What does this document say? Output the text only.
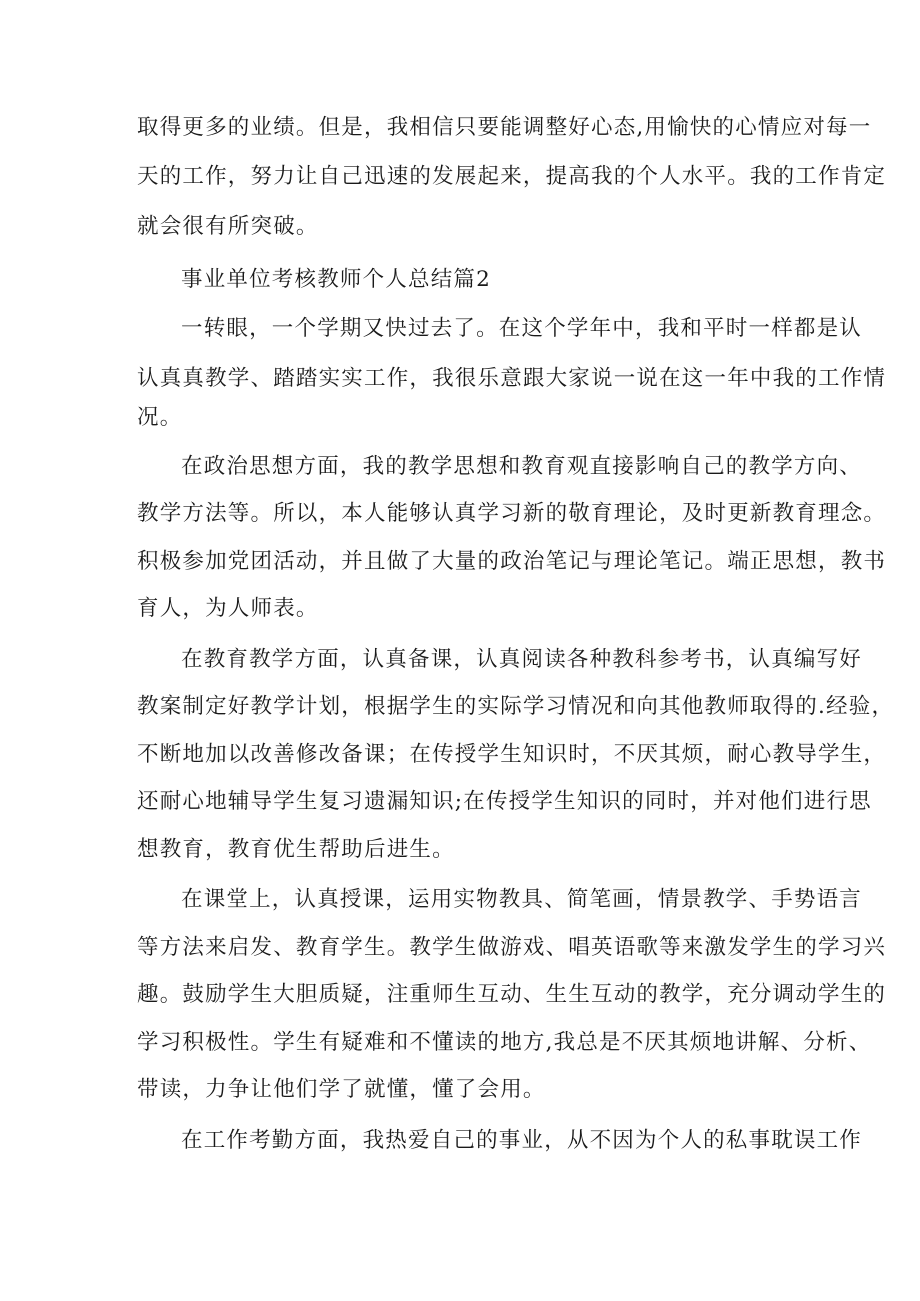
取得更多的业绩。但是，我相信只要能调整好心态,用愉快的心情应对每一
天的工作，努力让自己迅速的发展起来，提高我的个人水平。我的工作肯定
就会很有所突破。
事业单位考核教师个人总结篇2
一转眼，一个学期又快过去了。在这个学年中，我和平时一样都是认
认真真教学、踏踏实实工作，我很乐意跟大家说一说在这一年中我的工作情
况。
在政治思想方面，我的教学思想和教育观直接影响自己的教学方向、
教学方法等。所以，本人能够认真学习新的敬育理论，及时更新教育理念。
积极参加党团活动，并且做了大量的政治笔记与理论笔记。端正思想，教书
育人，为人师表。
在教育教学方面，认真备课，认真阅读各种教科参考书，认真编写好
教案制定好教学计划，根据学生的实际学习情况和向其他教师取得的.经验，
不断地加以改善修改备课；在传授学生知识时，不厌其烦，耐心教导学生，
还耐心地辅导学生复习遗漏知识;在传授学生知识的同时，并对他们进行思
想教育，教育优生帮助后进生。
在课堂上，认真授课，运用实物教具、简笔画，情景教学、手势语言
等方法来启发、教育学生。教学生做游戏、唱英语歌等来激发学生的学习兴
趣。鼓励学生大胆质疑，注重师生互动、生生互动的教学，充分调动学生的
学习积极性。学生有疑难和不懂读的地方,我总是不厌其烦地讲解、分析、
带读，力争让他们学了就懂，懂了会用。
在工作考勤方面，我热爱自己的事业，从不因为个人的私事耽误工作
